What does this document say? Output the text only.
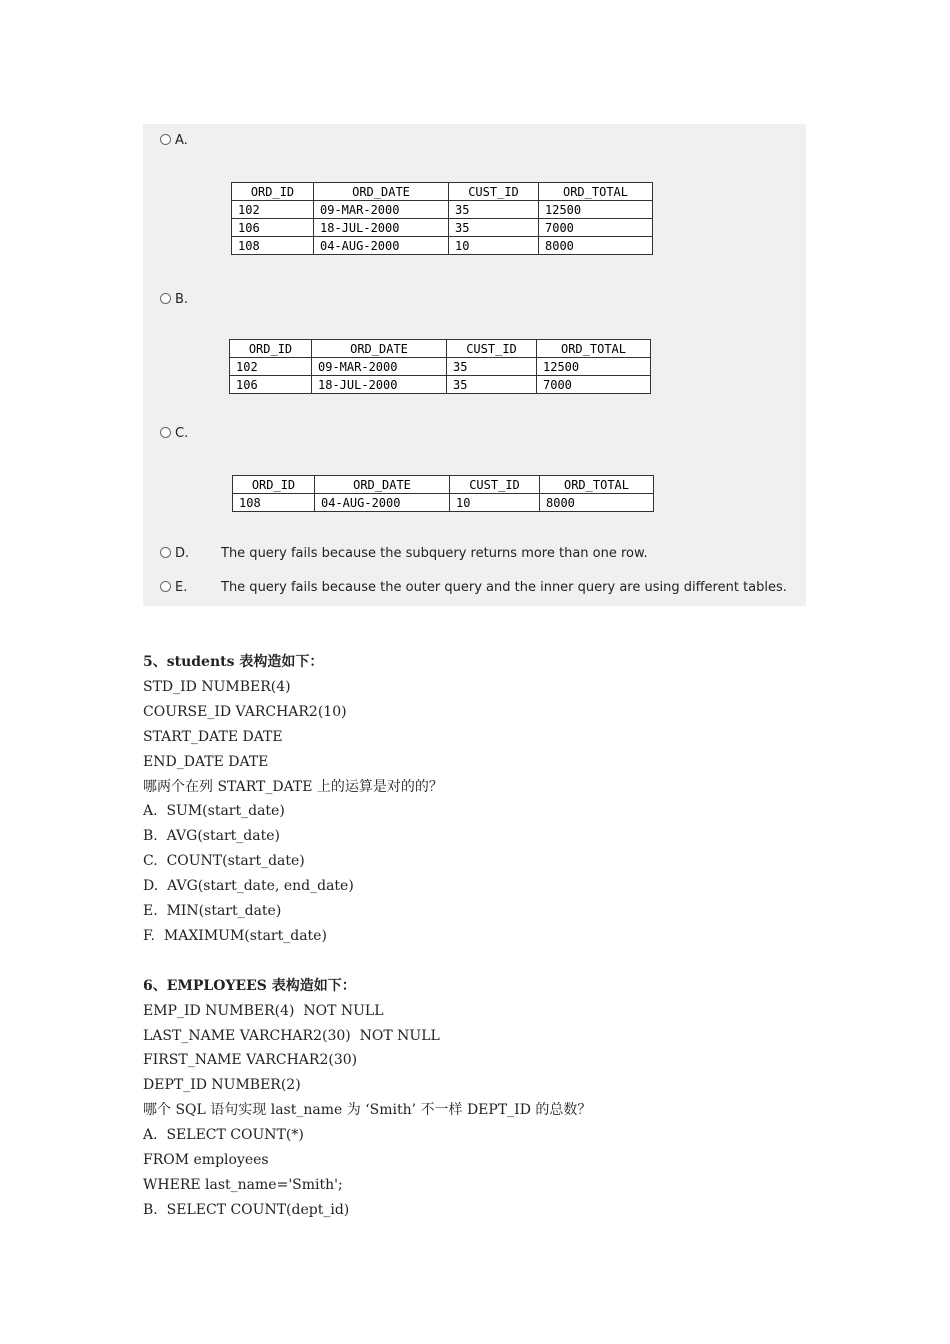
A.
ORD_ID	ORD_DATE	CUST_ID	ORD_TOTAL
102	09-MAR-2000	35	12500
106	18-JUL-2000	35	7000
108	04-AUG-2000	10	8000
B.
ORD_ID	ORD_DATE	CUST_ID	ORD_TOTAL
102	09-MAR-2000	35	12500
106	18-JUL-2000	35	7000
C.
ORD_ID	ORD_DATE	CUST_ID	ORD_TOTAL
108	04-AUG-2000	10	8000
D. The query fails because the subquery returns more than one row.
E.	The query fails because the outer query and the inner query are using different tables.
5、students 表构造如下：
STD_ID NUMBER(4)
COURSE_ID VARCHAR2(10)
START_DATE DATE
END_DATE DATE
哪两个在列 START_DATE 上的运算是对的的？
A.  SUM(start_date)
B.  AVG(start_date)
C.  COUNT(start_date)
D.  AVG(start_date, end_date)
E.  MIN(start_date)
F.  MAXIMUM(start_date)
6、EMPLOYEES 表构造如下：
EMP_ID NUMBER(4)  NOT NULL
LAST_NAME VARCHAR2(30)  NOT NULL
FIRST_NAME VARCHAR2(30)
DEPT_ID NUMBER(2)
哪个 SQL 语句实现 last_name 为 ‘Smith’ 不一样 DEPT_ID 的总数？
A.  SELECT COUNT(*)
FROM employees
WHERE last_name='Smith';
B.  SELECT COUNT(dept_id)
